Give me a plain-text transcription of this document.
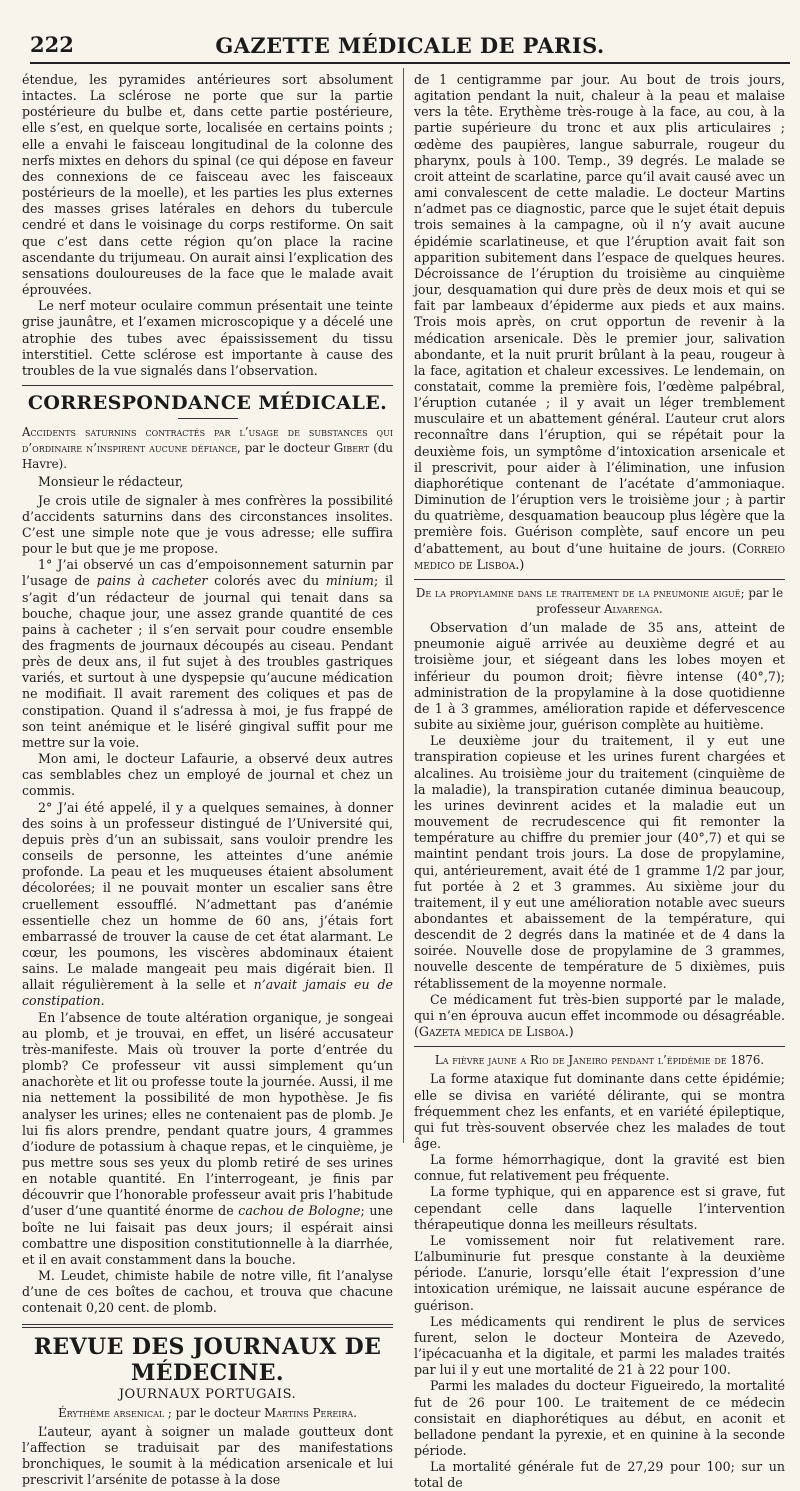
222	GAZETTE MÉDICALE DE PARIS.

étendue, les pyramides antérieures sort absolument intactes. La sclérose ne porte que sur la partie postérieure du bulbe et, dans cette partie postérieure, elle s’est, en quelque sorte, localisée en certains points ; elle a envahi le faisceau longitudinal de la colonne des nerfs mixtes en dehors du spinal (ce qui dépose en faveur des connexions de ce faisceau avec les faisceaux postérieurs de la moelle), et les parties les plus externes des masses grises latérales en dehors du tubercule cendré et dans le voisinage du corps restiforme. On sait que c’est dans cette région qu’on place la racine ascendante du trijumeau. On aurait ainsi l’explication des sensations douloureuses de la face que le malade avait éprouvées.

Le nerf moteur oculaire commun présentait une teinte grise jaunâtre, et l’examen microscopique y a décelé une atrophie des tubes avec épaississement du tissu interstitiel. Cette sclérose est importante à cause des troubles de la vue signalés dans l’observation.

CORRESPONDANCE MÉDICALE.

Accidents saturnins contractés par l’usage de substances qui d’ordinaire n’inspirent aucune défiance, par le docteur Gibert (du Havre).

Monsieur le rédacteur,

Je crois utile de signaler à mes confrères la possibilité d’accidents saturnins dans des circonstances insolites. C’est une simple note que je vous adresse; elle suffira pour le but que je me propose.

1° J’ai observé un cas d’empoisonnement saturnin par l’usage de pains à cacheter colorés avec du minium; il s’agit d’un rédacteur de journal qui tenait dans sa bouche, chaque jour, une assez grande quantité de ces pains à cacheter ; il s’en servait pour coudre ensemble des fragments de journaux découpés au ciseau. Pendant près de deux ans, il fut sujet à des troubles gastriques variés, et surtout à une dyspepsie qu’aucune médication ne modifiait. Il avait rarement des coliques et pas de constipation. Quand il s’adressa à moi, je fus frappé de son teint anémique et le liséré gingival suffit pour me mettre sur la voie.

Mon ami, le docteur Lafaurie, a observé deux autres cas semblables chez un employé de journal et chez un commis.

2° J’ai été appelé, il y a quelques semaines, à donner des soins à un professeur distingué de l’Université qui, depuis près d’un an subissait, sans vouloir prendre les conseils de personne, les atteintes d’une anémie profonde. La peau et les muqueuses étaient absolument décolorées; il ne pouvait monter un escalier sans être cruellement essoufflé. N’admettant pas d’anémie essentielle chez un homme de 60 ans, j’étais fort embarrassé de trouver la cause de cet état alarmant. Le cœur, les poumons, les viscères abdominaux étaient sains. Le malade mangeait peu mais digérait bien. Il allait régulièrement à la selle et n’avait jamais eu de constipation.

En l’absence de toute altération organique, je songeai au plomb, et je trouvai, en effet, un liséré accusateur très-manifeste. Mais où trouver la porte d’entrée du plomb? Ce professeur vit aussi simplement qu’un anachorète et lit ou professe toute la journée. Aussi, il me nia nettement la possibilité de mon hypothèse. Je fis analyser les urines; elles ne contenaient pas de plomb. Je lui fis alors prendre, pendant quatre jours, 4 grammes d’iodure de potassium à chaque repas, et le cinquième, je pus mettre sous ses yeux du plomb retiré de ses urines en notable quantité. En l’interrogeant, je finis par découvrir que l’honorable professeur avait pris l’habitude d’user d’une quantité énorme de cachou de Bologne; une boîte ne lui faisait pas deux jours; il espérait ainsi combattre une disposition constitutionnelle à la diarrhée, et il en avait constamment dans la bouche.

M. Leudet, chimiste habile de notre ville, fit l’analyse d’une de ces boîtes de cachou, et trouva que chacune contenait 0,20 cent. de plomb.

REVUE DES JOURNAUX DE MÉDECINE.
JOURNAUX PORTUGAIS.

Érythème arsenical ; par le docteur Martins Pereira.

L’auteur, ayant à soigner un malade goutteux dont l’affection se traduisait par des manifestations bronchiques, le soumit à la médication arsenicale et lui prescrivit l’arsénite de potasse à la dose

de 1 centigramme par jour. Au bout de trois jours, agitation pendant la nuit, chaleur à la peau et malaise vers la tête. Erythème très-rouge à la face, au cou, à la partie supérieure du tronc et aux plis articulaires ; œdème des paupières, langue saburrale, rougeur du pharynx, pouls à 100. Temp., 39 degrés. Le malade se croit atteint de scarlatine, parce qu’il avait causé avec un ami convalescent de cette maladie. Le docteur Martins n’admet pas ce diagnostic, parce que le sujet était depuis trois semaines à la campagne, où il n’y avait aucune épidémie scarlatineuse, et que l’éruption avait fait son apparition subitement dans l’espace de quelques heures. Décroissance de l’éruption du troisième au cinquième jour, desquamation qui dure près de deux mois et qui se fait par lambeaux d’épiderme aux pieds et aux mains. Trois mois après, on crut opportun de revenir à la médication arsenicale. Dès le premier jour, salivation abondante, et la nuit prurit brûlant à la peau, rougeur à la face, agitation et chaleur excessives. Le lendemain, on constatait, comme la première fois, l’œdème palpébral, l’éruption cutanée ; il y avait un léger tremblement musculaire et un abattement général. L’auteur crut alors reconnaître dans l’éruption, qui se répétait pour la deuxième fois, un symptôme d’intoxication arsenicale et il prescrivit, pour aider à l’élimination, une infusion diaphorétique contenant de l’acétate d’ammoniaque. Diminution de l’éruption vers le troisième jour ; à partir du quatrième, desquamation beaucoup plus légère que la première fois. Guérison complète, sauf encore un peu d’abattement, au bout d’une huitaine de jours. (Correio medico de Lisboa.)

De la propylamine dans le traitement de la pneumonie aiguë; par le professeur Alvarenga.

Observation d’un malade de 35 ans, atteint de pneumonie aiguë arrivée au deuxième degré et au troisième jour, et siégeant dans les lobes moyen et inférieur du poumon droit; fièvre intense (40°,7); administration de la propylamine à la dose quotidienne de 1 à 3 grammes, amélioration rapide et défervescence subite au sixième jour, guérison complète au huitième.

Le deuxième jour du traitement, il y eut une transpiration copieuse et les urines furent chargées et alcalines. Au troisième jour du traitement (cinquième de la maladie), la transpiration cutanée diminua beaucoup, les urines devinrent acides et la maladie eut un mouvement de recrudescence qui fit remonter la température au chiffre du premier jour (40°,7) et qui se maintint pendant trois jours. La dose de propylamine, qui, antérieurement, avait été de 1 gramme 1/2 par jour, fut portée à 2 et 3 grammes. Au sixième jour du traitement, il y eut une amélioration notable avec sueurs abondantes et abaissement de la température, qui descendit de 2 degrés dans la matinée et de 4 dans la soirée. Nouvelle dose de propylamine de 3 grammes, nouvelle descente de température de 5 dixièmes, puis rétablissement de la moyenne normale.

Ce médicament fut très-bien supporté par le malade, qui n’en éprouva aucun effet incommode ou désagréable. (Gazeta medica de Lisboa.)

La fièvre jaune a Rio de Janeiro pendant l’épidémie de 1876.

La forme ataxique fut dominante dans cette épidémie; elle se divisa en variété délirante, qui se montra fréquemment chez les enfants, et en variété épileptique, qui fut très-souvent observée chez les malades de tout âge.

La forme hémorrhagique, dont la gravité est bien connue, fut relativement peu fréquente.

La forme typhique, qui en apparence est si grave, fut cependant celle dans laquelle l’intervention thérapeutique donna les meilleurs résultats.

Le vomissement noir fut relativement rare. L’albuminurie fut presque constante à la deuxième période. L’anurie, lorsqu’elle était l’expression d’une intoxication urémique, ne laissait aucune espérance de guérison.

Les médicaments qui rendirent le plus de services furent, selon le docteur Monteira de Azevedo, l’ipécacuanha et la digitale, et parmi les malades traités par lui il y eut une mortalité de 21 à 22 pour 100.

Parmi les malades du docteur Figueiredo, la mortalité fut de 26 pour 100. Le traitement de ce médecin consistait en diaphorétiques au début, en aconit et belladone pendant la pyrexie, et en quinine à la seconde période.

La mortalité générale fut de 27,29 pour 100; sur un total de
